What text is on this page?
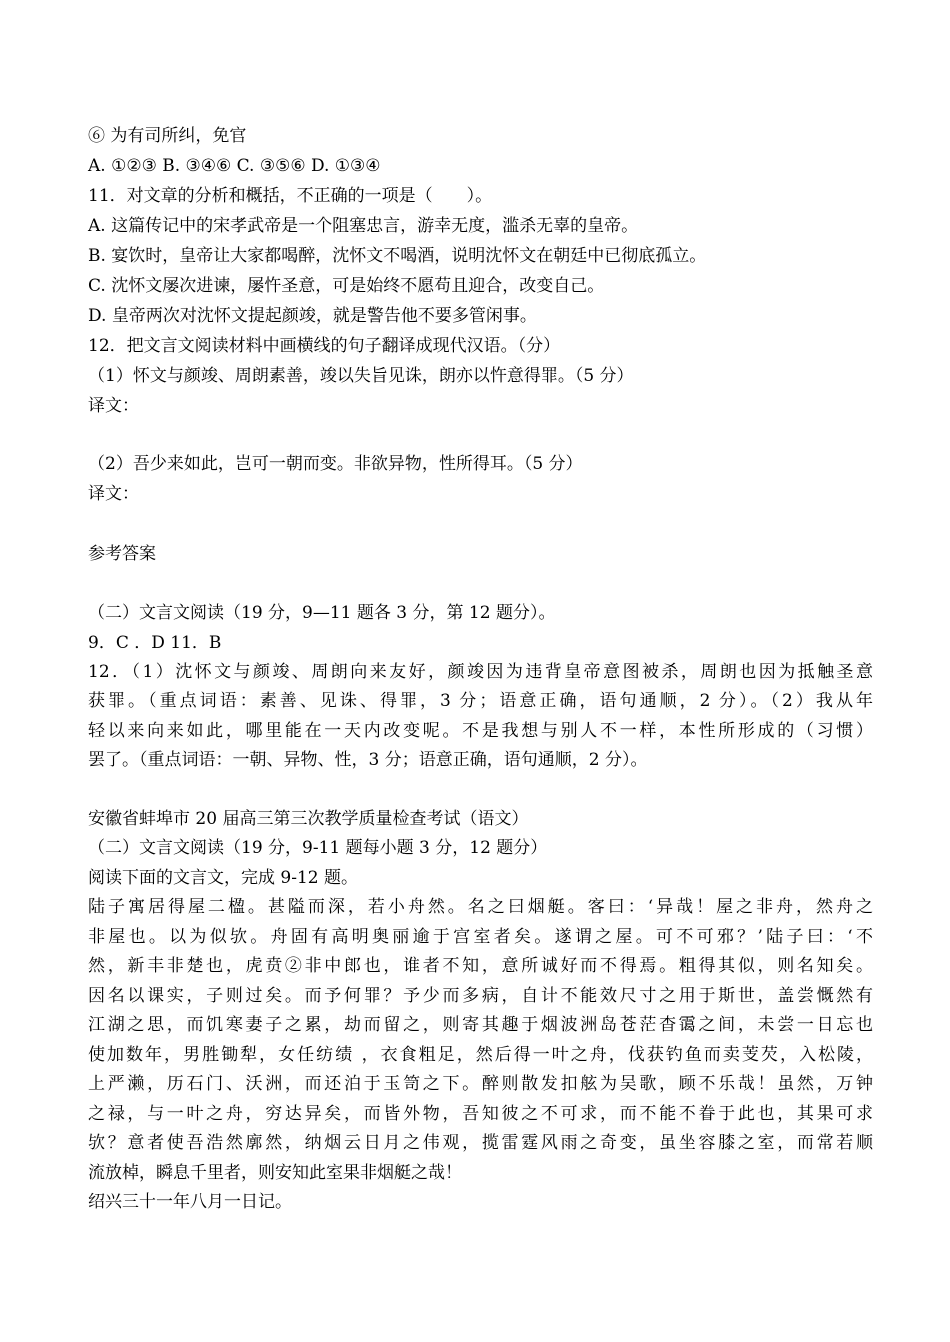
⑥ 为有司所纠，免官
A. ①②③ B. ③④⑥ C. ③⑤⑥ D. ①③④
11．对文章的分析和概括，不正确的一项是（　　）。
A. 这篇传记中的宋孝武帝是一个阻塞忠言，游幸无度，滥杀无辜的皇帝。
B. 宴饮时，皇帝让大家都喝醉，沈怀文不喝酒，说明沈怀文在朝廷中已彻底孤立。
C. 沈怀文屡次进谏，屡忤圣意，可是始终不愿苟且迎合，改变自己。
D. 皇帝两次对沈怀文提起颜竣，就是警告他不要多管闲事。
12．把文言文阅读材料中画横线的句子翻译成现代汉语。（分）
（1）怀文与颜竣、周朗素善，竣以失旨见诛，朗亦以忤意得罪。（5 分）
译文：
（2）吾少来如此，岂可一朝而变。非欲异物，性所得耳。（5 分）
译文：
参考答案
（二）文言文阅读（19 分，9—11 题各 3 分，第 12 题分）。
9．C ．D 11．B
12．（1）沈怀文与颜竣、周朗向来友好，颜竣因为违背皇帝意图被杀，周朗也因为抵触圣意
获罪。（重点词语：素善、见诛、得罪，3 分；语意正确，语句通顺，2 分）。（2）我从年
轻以来向来如此，哪里能在一天内改变呢。不是我想与别人不一样，本性所形成的（习惯）
罢了。（重点词语：一朝、异物、性，3 分；语意正确，语句通顺，2 分）。
安徽省蚌埠市 20 届高三第三次教学质量检查考试（语文）
（二）文言文阅读（19 分，9-11 题每小题 3 分，12 题分）
阅读下面的文言文，完成 9-12 题。
陆子寓居得屋二楹。甚隘而深，若小舟然。名之曰烟艇。客曰：‘异哉！屋之非舟，然舟之
非屋也。以为似欤。舟固有高明奥丽逾于宫室者矣。遂谓之屋。可不可邪？’陆子曰：‘不
然，新丰非楚也，虎贲②非中郎也，谁者不知，意所诚好而不得焉。粗得其似，则名知矣。
因名以课实，子则过矣。而予何罪？予少而多病，自计不能效尺寸之用于斯世，盖尝慨然有
江湖之思，而饥寒妻子之累，劫而留之，则寄其趣于烟波洲岛苍茫杳霭之间，未尝一日忘也
使加数年，男胜锄犁，女任纺绩 ，衣食粗足，然后得一叶之舟，伐获钓鱼而卖芰芡，入松陵，
上严濑，历石门、沃洲，而还泊于玉笥之下。醉则散发扣舷为吴歌，顾不乐哉！虽然，万钟
之禄，与一叶之舟，穷达异矣，而皆外物，吾知彼之不可求，而不能不眷于此也，其果可求
欤？意者使吾浩然廓然，纳烟云日月之伟观，揽雷霆风雨之奇变，虽坐容膝之室，而常若顺
流放棹，瞬息千里者，则安知此室果非烟艇之哉！
绍兴三十一年八月一日记。
